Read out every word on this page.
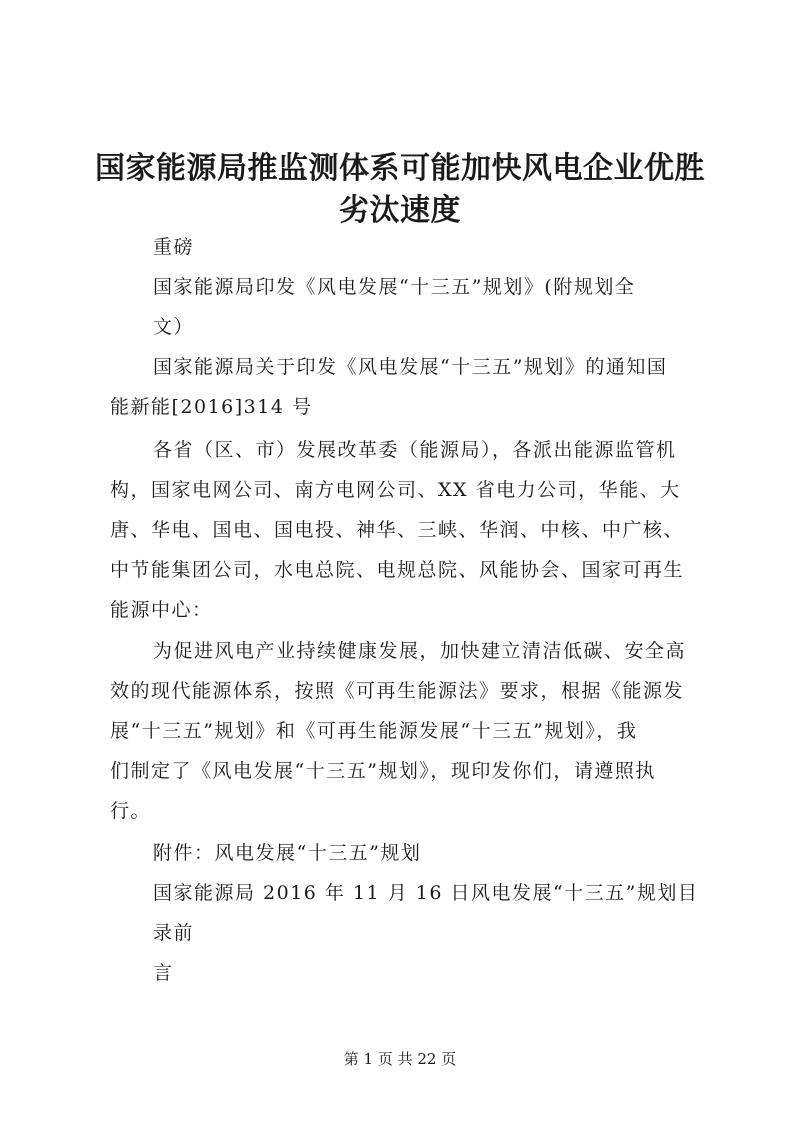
国家能源局推监测体系可能加快风电企业优胜
劣汰速度
重磅
国家能源局印发《风电发展“十三五”规划》(附规划全
文）
国家能源局关于印发《风电发展“十三五”规划》的通知国
能新能[2016]314 号
各省（区、市）发展改革委（能源局），各派出能源监管机
构，国家电网公司、南方电网公司、XX 省电力公司，华能、大
唐、华电、国电、国电投、神华、三峡、华润、中核、中广核、
中节能集团公司，水电总院、电规总院、风能协会、国家可再生
能源中心：
为促进风电产业持续健康发展，加快建立清洁低碳、安全高
效的现代能源体系，按照《可再生能源法》要求，根据《能源发
展“十三五”规划》和《可再生能源发展“十三五”规划》，我
们制定了《风电发展“十三五”规划》，现印发你们，请遵照执
行。
附件：风电发展“十三五”规划
国家能源局 2016 年 11 月 16 日风电发展“十三五”规划目
录前
言
第 1 页 共 22 页
